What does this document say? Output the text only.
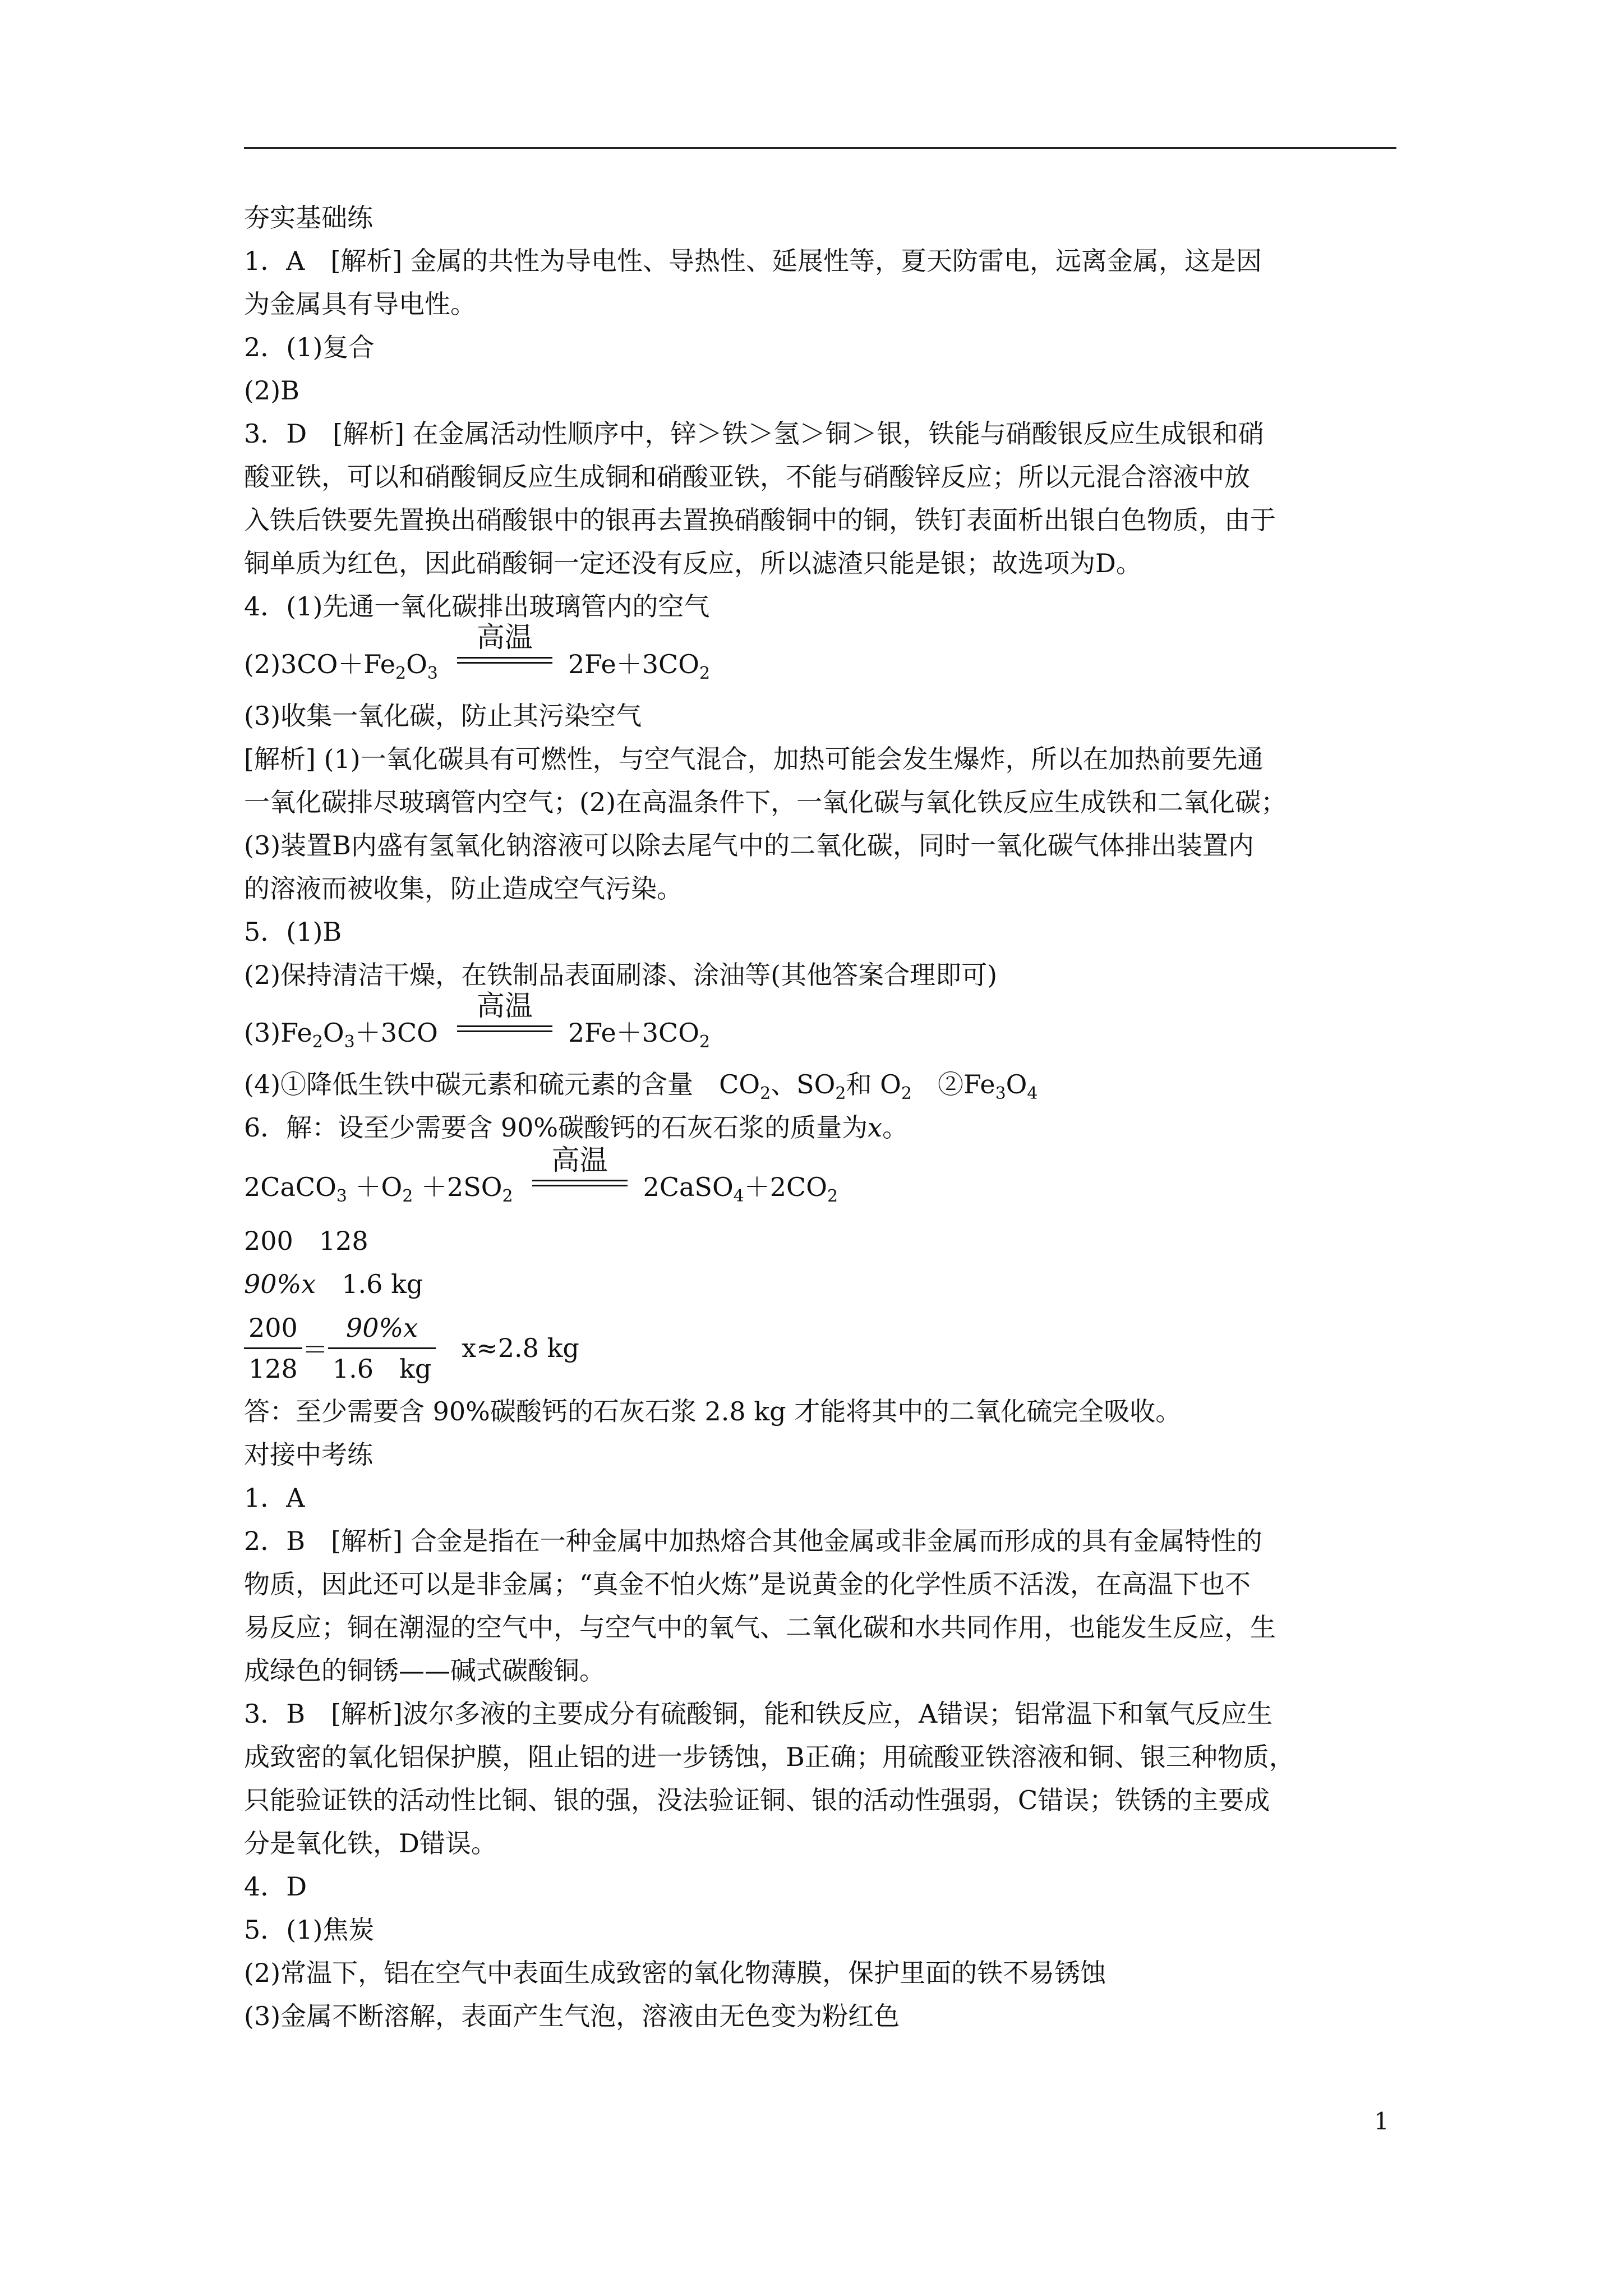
夯实基础练
1．A　[解析] 金属的共性为导电性、导热性、延展性等，夏天防雷电，远离金属，这是因
为金属具有导电性。
2．(1)复合
(2)B
3．D　[解析] 在金属活动性顺序中，锌＞铁＞氢＞铜＞银，铁能与硝酸银反应生成银和硝
酸亚铁，可以和硝酸铜反应生成铜和硝酸亚铁，不能与硝酸锌反应；所以元混合溶液中放
入铁后铁要先置换出硝酸银中的银再去置换硝酸铜中的铜，铁钉表面析出银白色物质，由于
铜单质为红色，因此硝酸铜一定还没有反应，所以滤渣只能是银；故选项为D。
4．(1)先通一氧化碳排出玻璃管内的空气
$(2)3CO+Fe_2O_3$
高温
$2Fe+3CO_2$
(3)收集一氧化碳，防止其污染空气
[解析] (1)一氧化碳具有可燃性，与空气混合，加热可能会发生爆炸，所以在加热前要先通
一氧化碳排尽玻璃管内空气；(2)在高温条件下，一氧化碳与氧化铁反应生成铁和二氧化碳；
(3)装置B内盛有氢氧化钠溶液可以除去尾气中的二氧化碳，同时一氧化碳气体排出装置内
的溶液而被收集，防止造成空气污染。
5．(1)B
(2)保持清洁干燥，在铁制品表面刷漆、涂油等(其他答案合理即可)
$(3)Fe_2O_3+3CO$
高温
$2Fe+3CO_2$
(4)①降低生铁中碳元素和硫元素的含量　$CO_2$、$SO_2$和 $O_2$　$②Fe_3O_4$
6．解：设至少需要含 90%碳酸钙的石灰石浆的质量为x。
2CaCO$_3$ $+O_2 +2SO_2$
高温
$2CaSO_4+2CO_2$
200　128
90%x　1.6 kg
$\frac{200}{128} = \frac{90\%x}{1.6 kg} x\approx 2.8$ kg
答：至少需要含 90%碳酸钙的石灰石浆 2.8 kg 才能将其中的二氧化硫完全吸收。
对接中考练
1．A
2．B　[解析] 合金是指在一种金属中加热熔合其他金属或非金属而形成的具有金属特性的
物质，因此还可以是非金属；“真金不怕火炼”是说黄金的化学性质不活泼，在高温下也不
易反应；铜在潮湿的空气中，与空气中的氧气、二氧化碳和水共同作用，也能发生反应，生
成绿色的铜锈——碱式碳酸铜。
3．B　[解析]波尔多液的主要成分有硫酸铜，能和铁反应，A错误；铝常温下和氧气反应生
成致密的氧化铝保护膜，阻止铝的进一步锈蚀，B正确；用硫酸亚铁溶液和铜、银三种物质，
只能验证铁的活动性比铜、银的强，没法验证铜、银的活动性强弱，C错误；铁锈的主要成
分是氧化铁，D错误。
4．D
5．(1)焦炭
(2)常温下，铝在空气中表面生成致密的氧化物薄膜，保护里面的铁不易锈蚀
(3)金属不断溶解，表面产生气泡，溶液由无色变为粉红色
1
